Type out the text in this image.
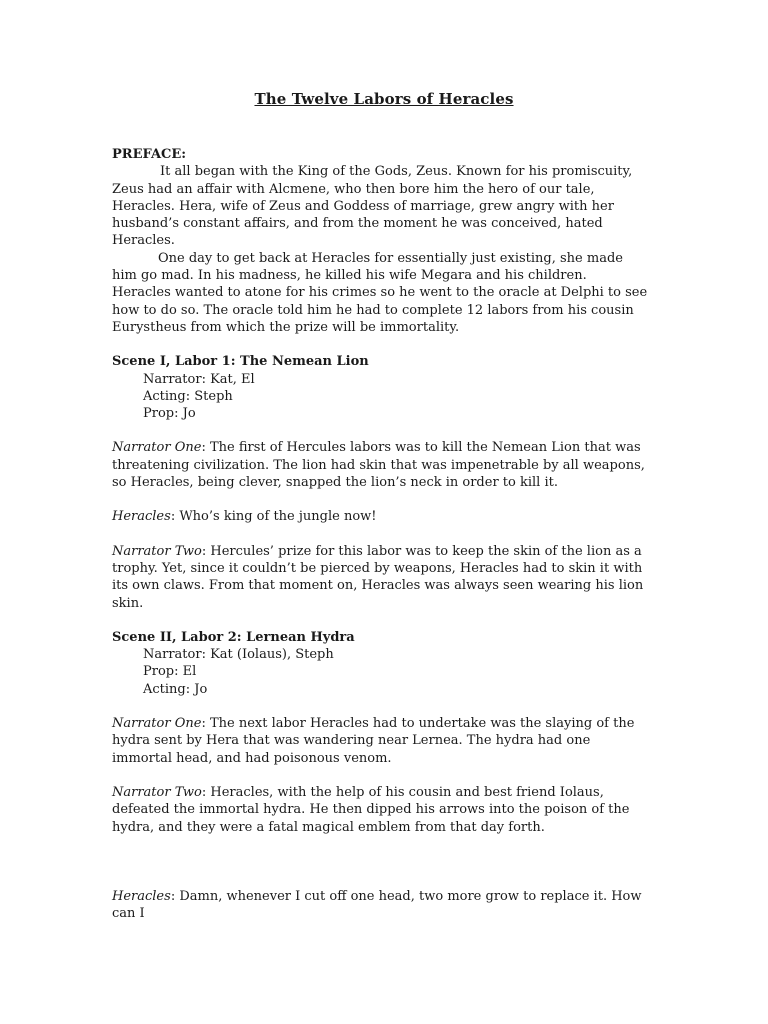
The Twelve Labors of Heracles
PREFACE:

It all began with the King of the Gods, Zeus. Known for his promiscuity, Zeus had an affair with Alcmene, who then bore him the hero of our tale, Heracles. Hera, wife of Zeus and Goddess of marriage, grew angry with her husband’s constant affairs, and from the moment he was conceived, hated Heracles.

One day to get back at Heracles for essentially just existing, she made him go mad. In his madness, he killed his wife Megara and his children. Heracles wanted to atone for his crimes so he went to the oracle at Delphi to see how to do so. The oracle told him he had to complete 12 labors from his cousin Eurystheus from which the prize will be immortality.

Scene I, Labor 1: The Nemean Lion
Narrator: Kat, El
Acting: Steph
Prop: Jo

Narrator One: The first of Hercules labors was to kill the Nemean Lion that was threatening civilization. The lion had skin that was impenetrable by all weapons, so Heracles, being clever, snapped the lion’s neck in order to kill it.

Heracles: Who’s king of the jungle now!

Narrator Two: Hercules’ prize for this labor was to keep the skin of the lion as a trophy. Yet, since it couldn’t be pierced by weapons, Heracles had to skin it with its own claws. From that moment on, Heracles was always seen wearing his lion skin.

Scene II, Labor 2: Lernean Hydra
Narrator: Kat (Iolaus), Steph
Prop: El
Acting: Jo

Narrator One: The next labor Heracles had to undertake was the slaying of the hydra sent by Hera that was wandering near Lernea. The hydra had one immortal head, and had poisonous venom.

Narrator Two: Heracles, with the help of his cousin and best friend Iolaus, defeated the immortal hydra. He then dipped his arrows into the poison of the hydra, and they were a fatal magical emblem from that day forth.

Heracles: Damn, whenever I cut off one head, two more grow to replace it. How can I
